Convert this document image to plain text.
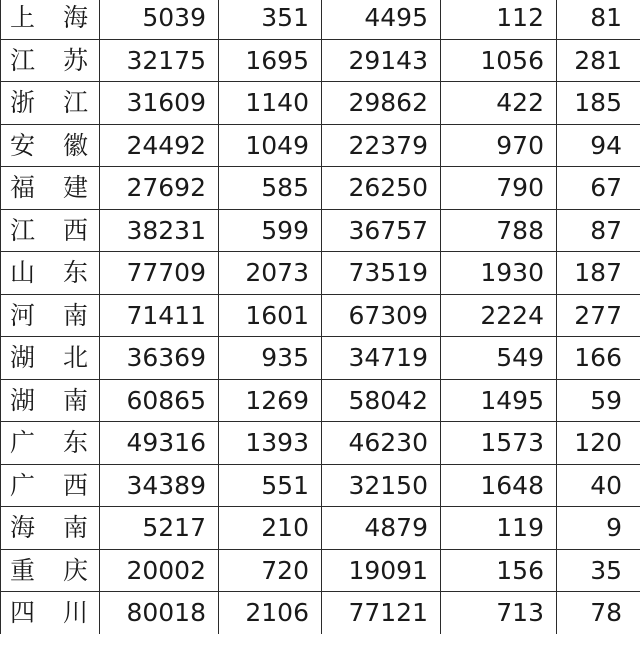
上 海	5039	351	4495	112	81
江 苏	32175	1695	29143	1056	281
浙 江	31609	1140	29862	422	185
安 徽	24492	1049	22379	970	94
福 建	27692	585	26250	790	67
江 西	38231	599	36757	788	87
山 东	77709	2073	73519	1930	187
河 南	71411	1601	67309	2224	277
湖 北	36369	935	34719	549	166
湖 南	60865	1269	58042	1495	59
广 东	49316	1393	46230	1573	120
广 西	34389	551	32150	1648	40
海 南	5217	210	4879	119	9
重 庆	20002	720	19091	156	35
四 川	80018	2106	77121	713	78
